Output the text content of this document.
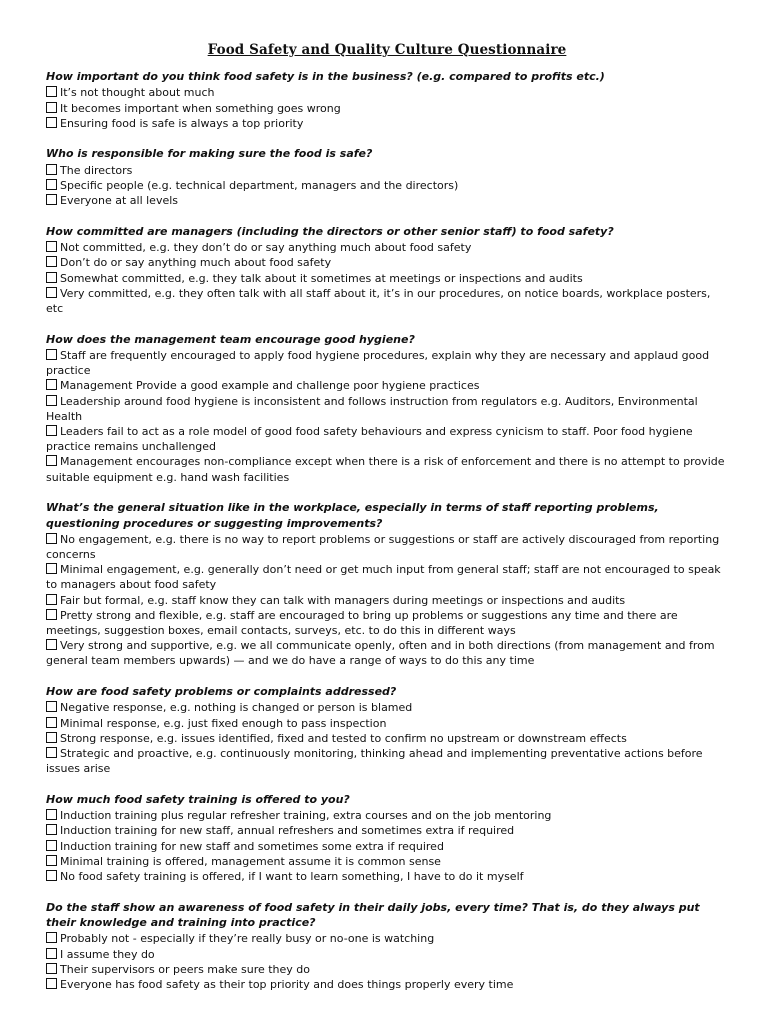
Food Safety and Quality Culture Questionnaire
How important do you think food safety is in the business? (e.g. compared to profits etc.)
It’s not thought about much
It becomes important when something goes wrong
Ensuring food is safe is always a top priority
Who is responsible for making sure the food is safe?
The directors
Specific people (e.g. technical department, managers and the directors)
Everyone at all levels
How committed are managers (including the directors or other senior staff) to food safety?
Not committed, e.g. they don’t do or say anything much about food safety
Don’t do or say anything much about food safety
Somewhat committed, e.g. they talk about it sometimes at meetings or inspections and audits
Very committed, e.g. they often talk with all staff about it, it’s in our procedures, on notice boards, workplace posters, etc
How does the management team encourage good hygiene?
Staff are frequently encouraged to apply food hygiene procedures, explain why they are necessary and applaud good practice
Management Provide a good example and challenge poor hygiene practices
Leadership around food hygiene is inconsistent and follows instruction from regulators e.g. Auditors, Environmental Health
Leaders fail to act as a role model of good food safety behaviours and express cynicism to staff. Poor food hygiene practice remains unchallenged
Management encourages non-compliance except when there is a risk of enforcement and there is no attempt to provide suitable equipment e.g. hand wash facilities
What’s the general situation like in the workplace, especially in terms of staff reporting problems, questioning procedures or suggesting improvements?
No engagement, e.g. there is no way to report problems or suggestions or staff are actively discouraged from reporting concerns
Minimal engagement, e.g. generally don’t need or get much input from general staff; staff are not encouraged to speak to managers about food safety
Fair but formal, e.g. staff know they can talk with managers during meetings or inspections and audits
Pretty strong and flexible, e.g. staff are encouraged to bring up problems or suggestions any time and there are meetings, suggestion boxes, email contacts, surveys, etc. to do this in different ways
Very strong and supportive, e.g. we all communicate openly, often and in both directions (from management and from general team members upwards) — and we do have a range of ways to do this any time
How are food safety problems or complaints addressed?
Negative response, e.g. nothing is changed or person is blamed
Minimal response, e.g. just fixed enough to pass inspection
Strong response, e.g. issues identified, fixed and tested to confirm no upstream or downstream effects
Strategic and proactive, e.g. continuously monitoring, thinking ahead and implementing preventative actions before issues arise
How much food safety training is offered to you?
Induction training plus regular refresher training, extra courses and on the job mentoring
Induction training for new staff, annual refreshers and sometimes extra if required
Induction training for new staff and sometimes some extra if required
Minimal training is offered, management assume it is common sense
No food safety training is offered, if I want to learn something, I have to do it myself
Do the staff show an awareness of food safety in their daily jobs, every time? That is, do they always put their knowledge and training into practice?
Probably not - especially if they’re really busy or no-one is watching
I assume they do
Their supervisors or peers make sure they do
Everyone has food safety as their top priority and does things properly every time
